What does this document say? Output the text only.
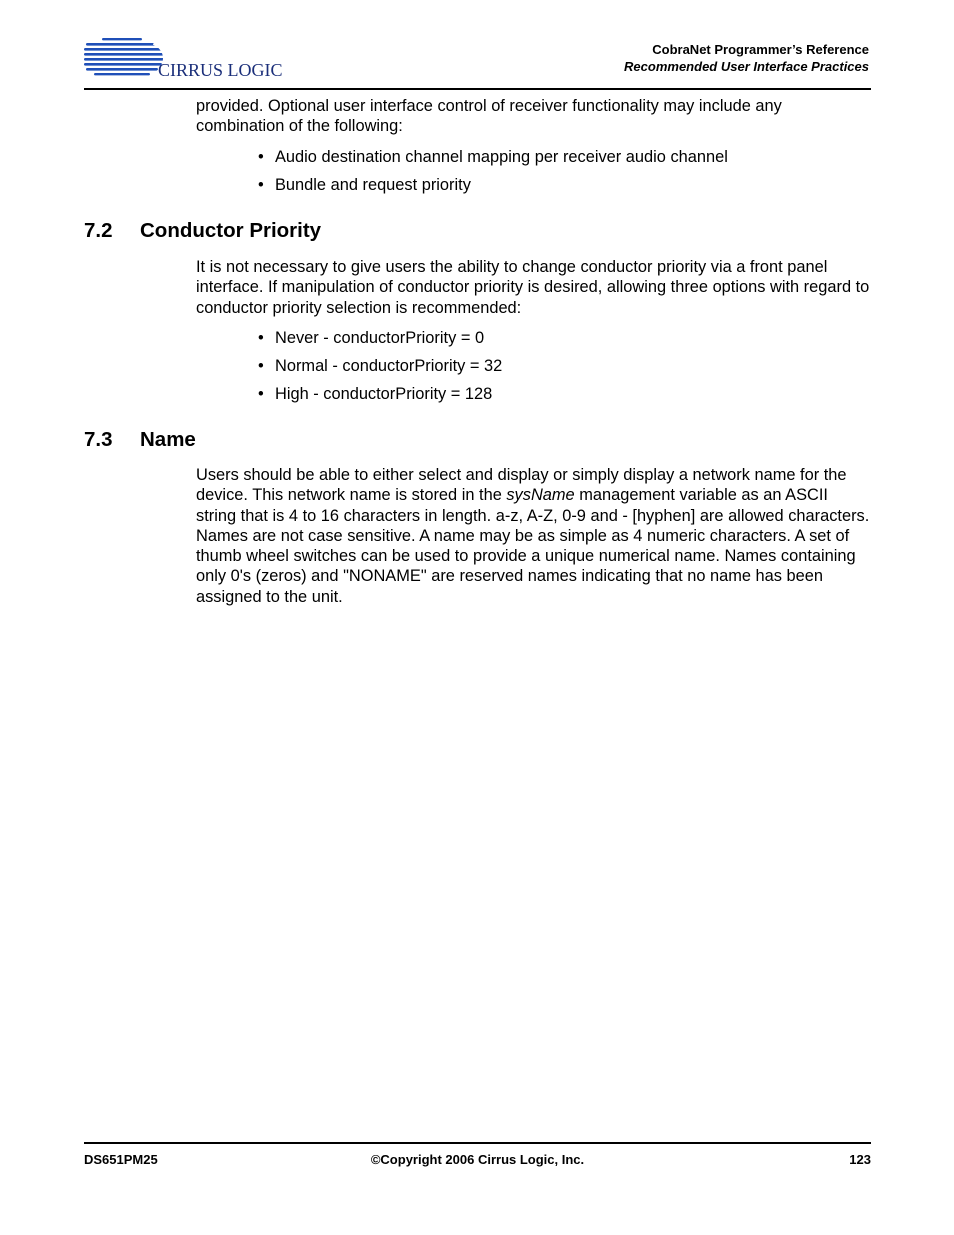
CIRRUS LOGIC
CobraNet Programmer’s Reference
Recommended User Interface Practices

provided. Optional user interface control of receiver functionality may include any combination of the following:

• Audio destination channel mapping per receiver audio channel
• Bundle and request priority
7.2 Conductor Priority

It is not necessary to give users the ability to change conductor priority via a front panel interface. If manipulation of conductor priority is desired, allowing three options with regard to conductor priority selection is recommended:

• Never - conductorPriority = 0
• Normal - conductorPriority = 32
• High - conductorPriority = 128
7.3 Name

Users should be able to either select and display or simply display a network name for the device. This network name is stored in the sysName management variable as an ASCII string that is 4 to 16 characters in length. a-z, A-Z, 0-9 and - [hyphen] are allowed characters. Names are not case sensitive. A name may be as simple as 4 numeric characters. A set of thumb wheel switches can be used to provide a unique numerical name. Names containing only 0's (zeros) and "NONAME" are reserved names indicating that no name has been assigned to the unit.

DS651PM25	©Copyright 2006 Cirrus Logic, Inc.	123
